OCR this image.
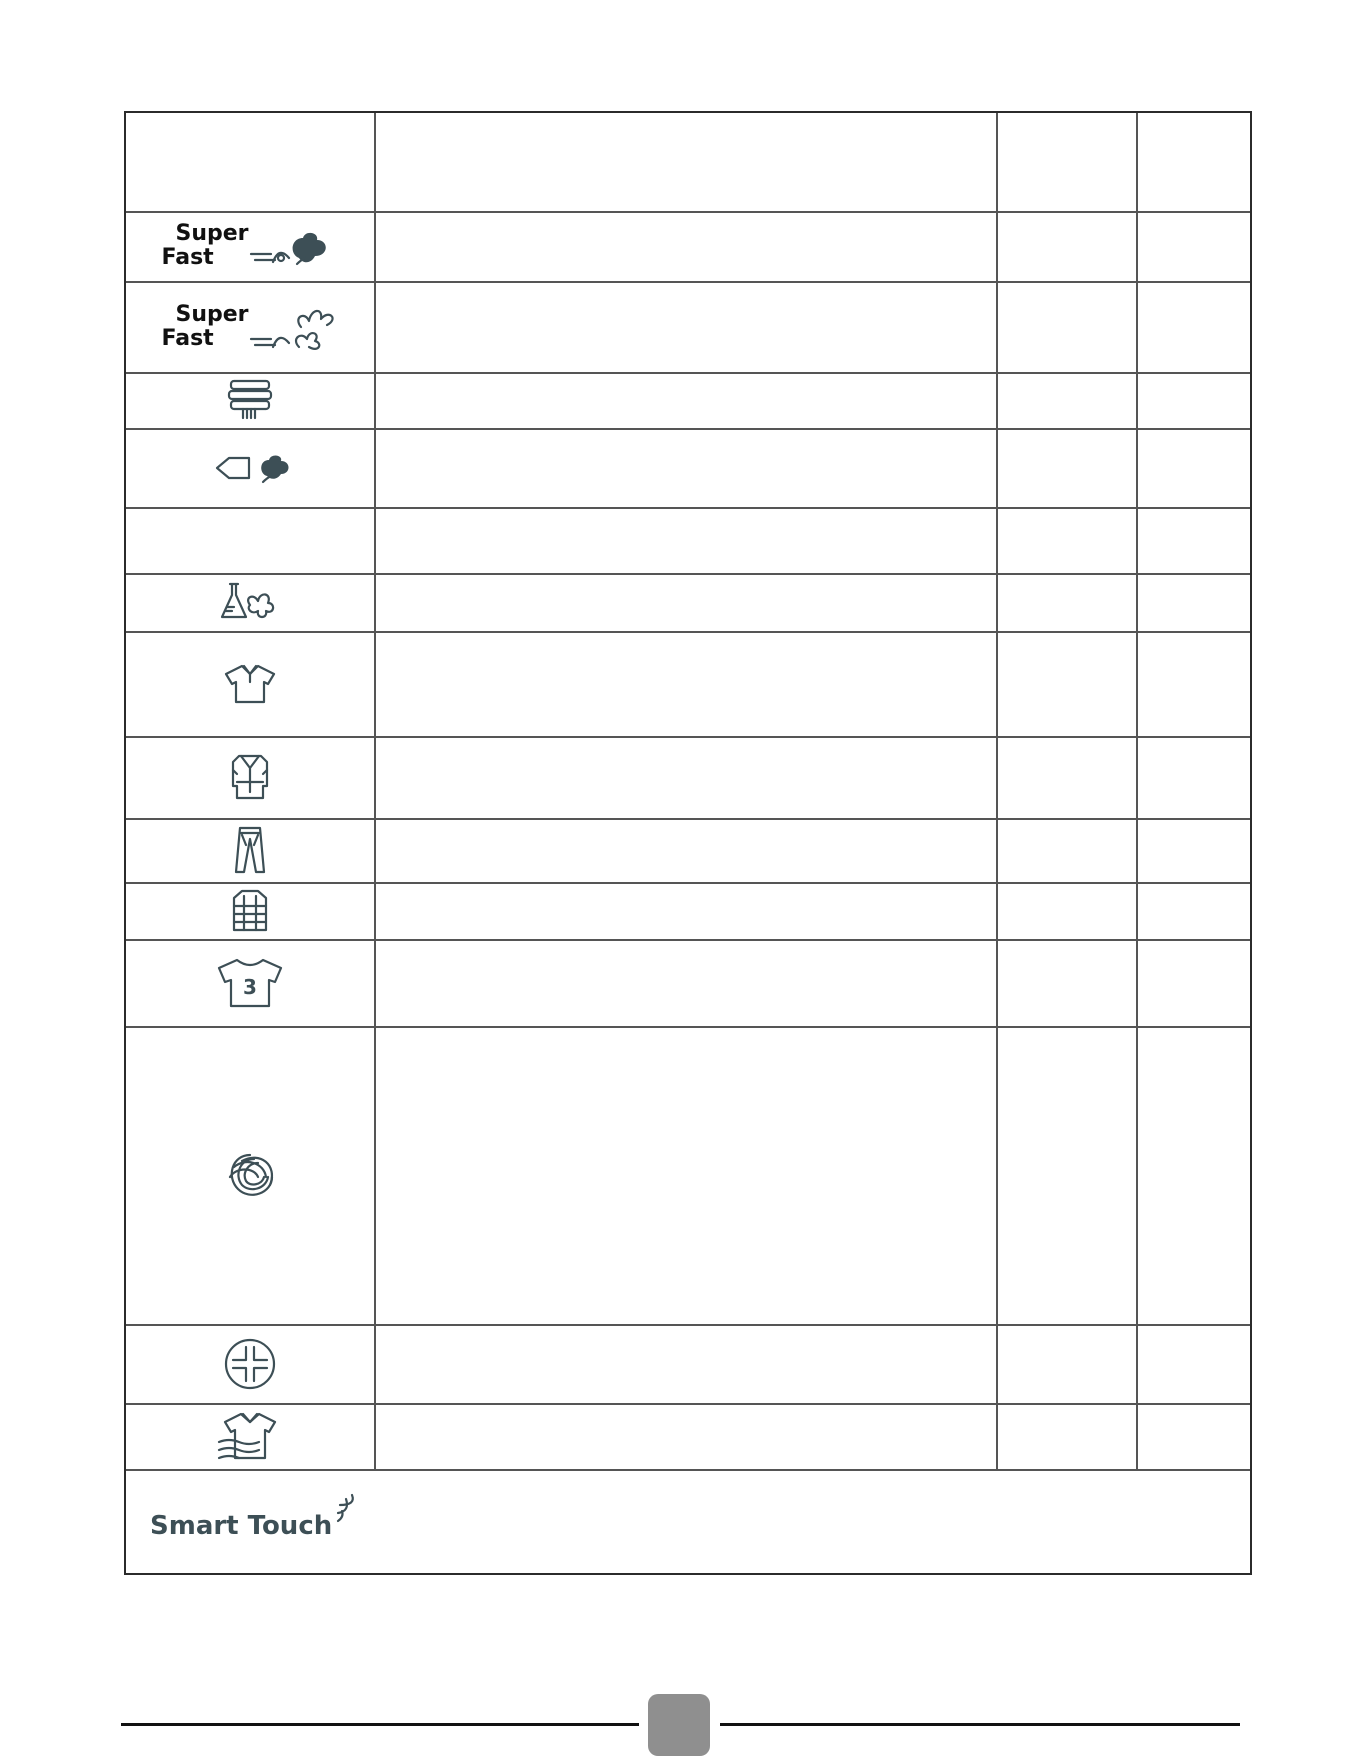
Super
Fast
Super
Fast
3
Smart Touch
